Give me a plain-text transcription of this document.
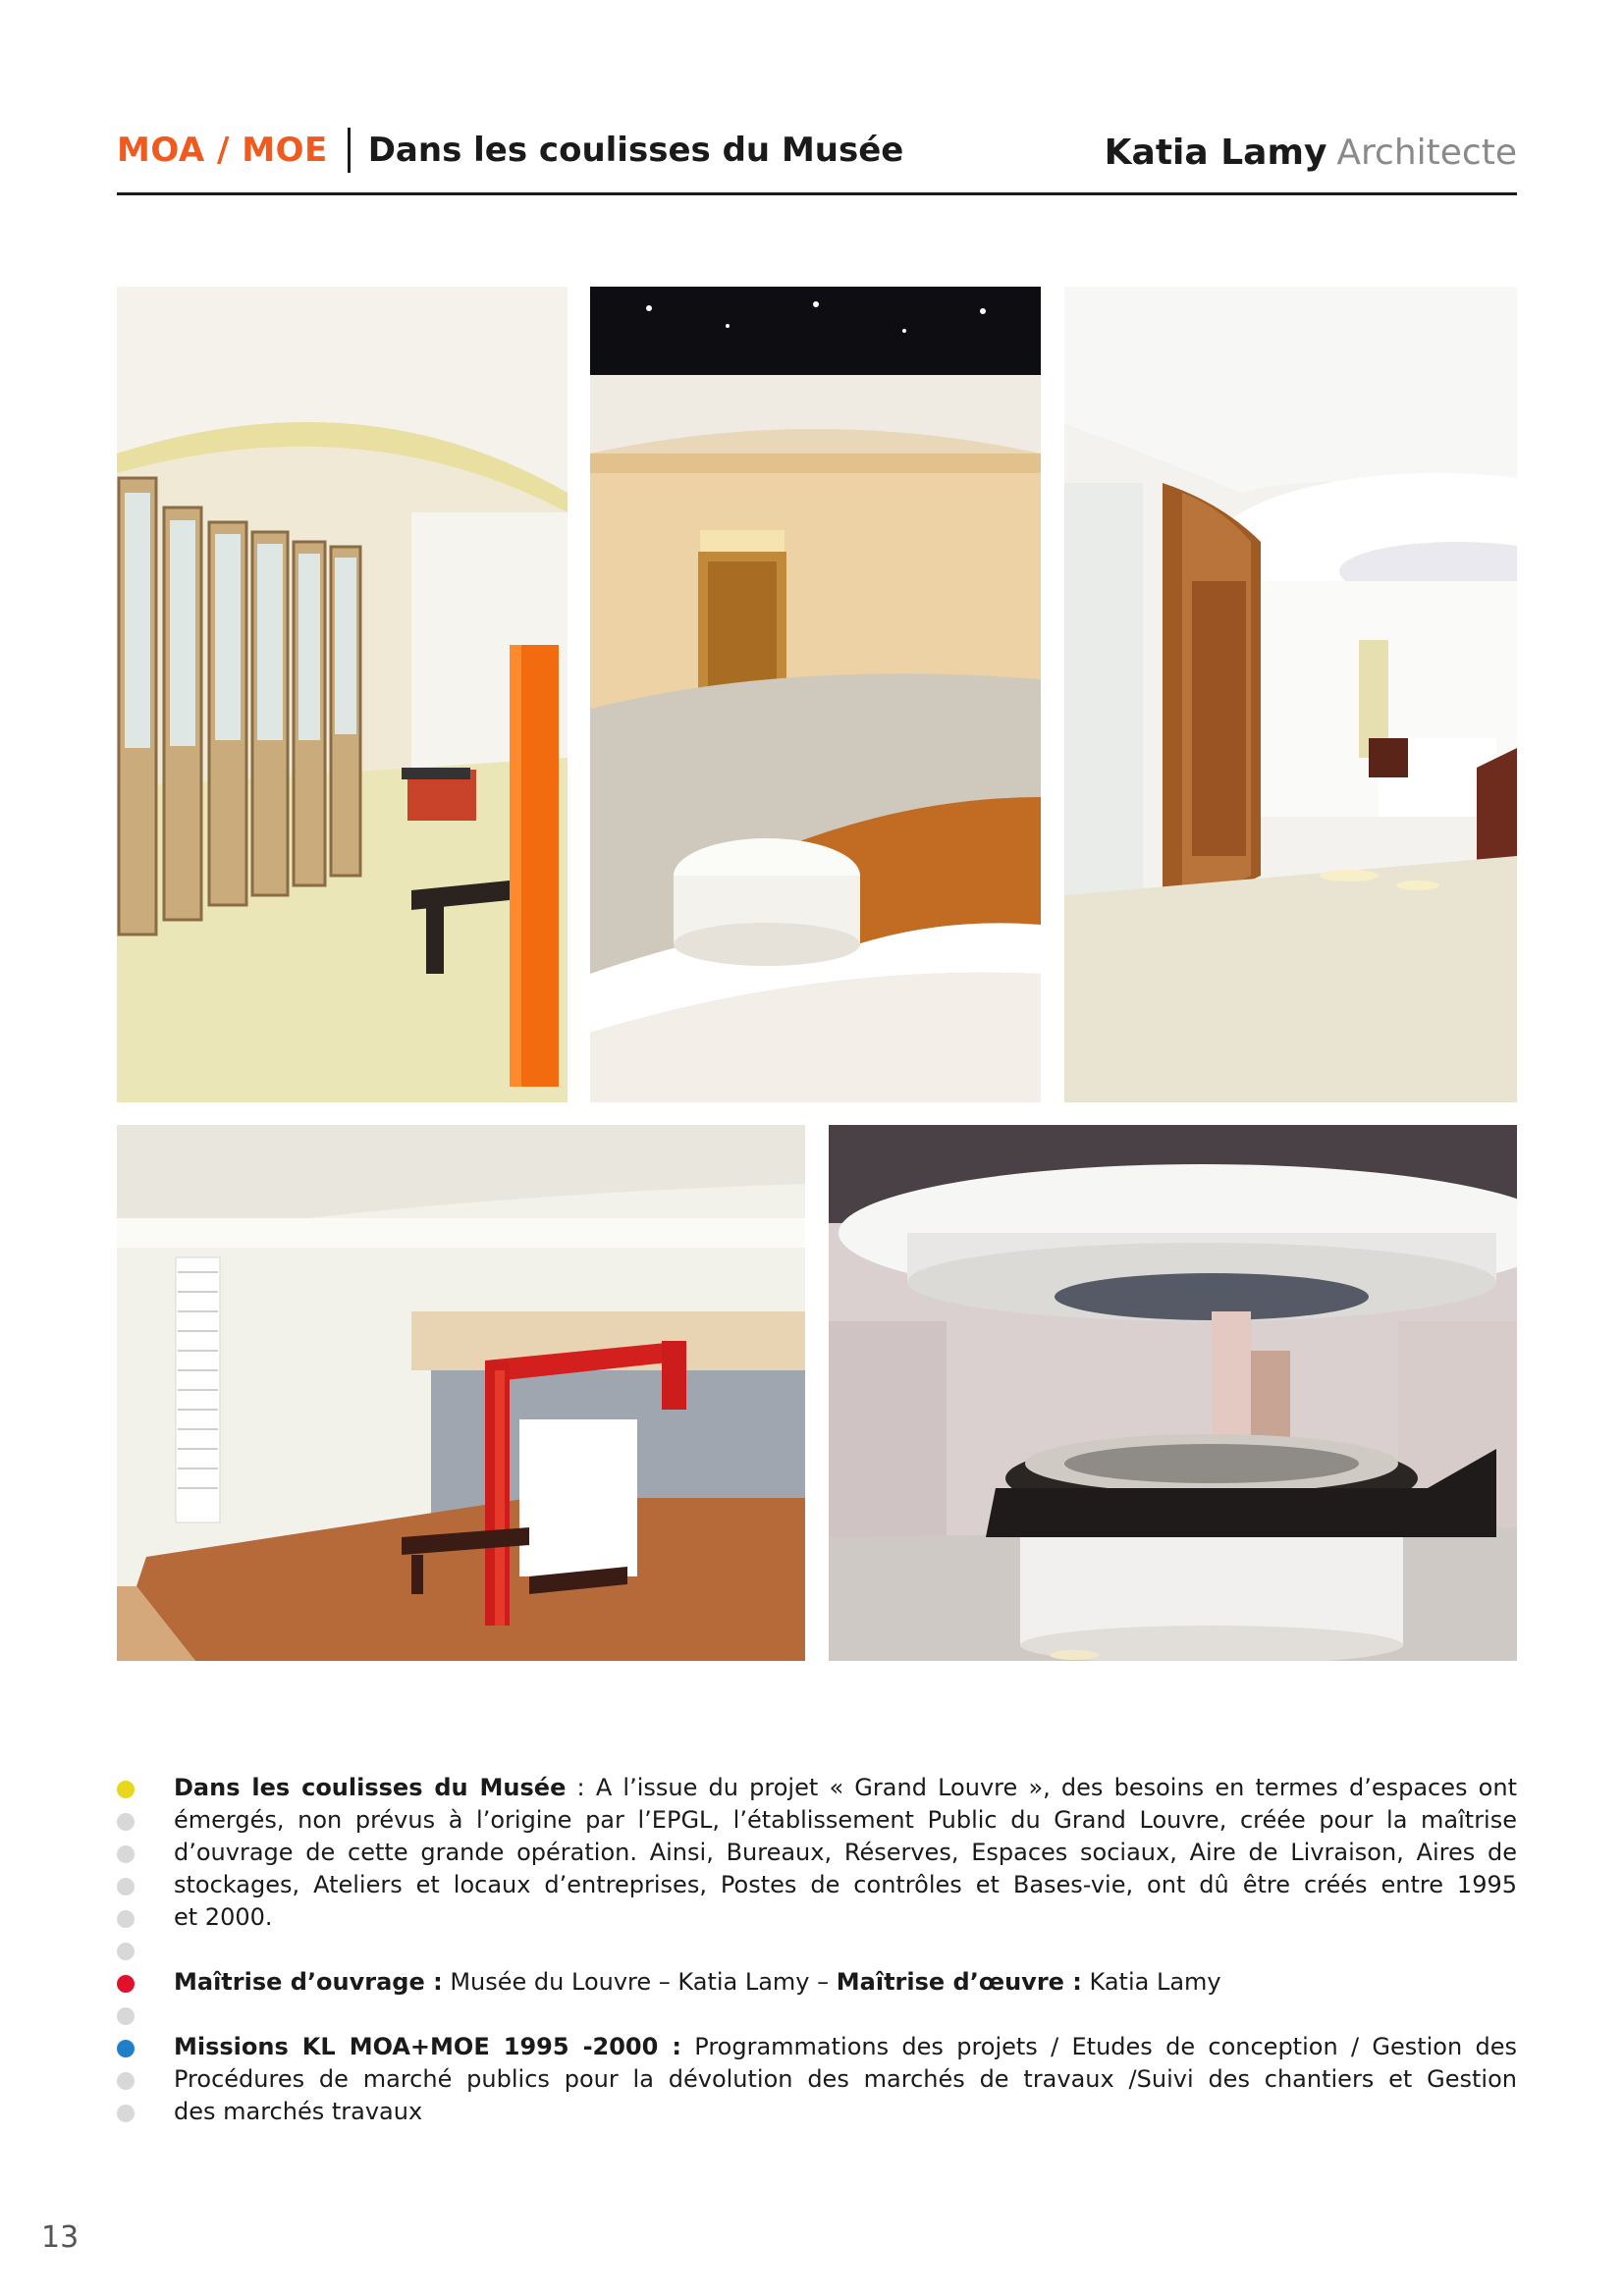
MOA / MOE Dans les coulisses du Musée	Katia Lamy Architecte
Dans les coulisses du Musée : A l’issue du projet « Grand Louvre », des besoins en termes d’espaces ont
émergés, non prévus à l’origine par l’EPGL, l’établissement Public du Grand Louvre, créée pour la maîtrise
d’ouvrage de cette grande opération. Ainsi, Bureaux, Réserves, Espaces sociaux, Aire de Livraison, Aires de
stockages, Ateliers et locaux d’entreprises, Postes de contrôles et Bases-vie, ont dû être créés entre 1995
et 2000.
Maîtrise d’ouvrage : Musée du Louvre – Katia Lamy – Maîtrise d’œuvre : Katia Lamy
Missions KL MOA+MOE 1995 -2000 : Programmations des projets / Etudes de conception / Gestion des
Procédures de marché publics pour la dévolution des marchés de travaux /Suivi des chantiers et Gestion
des marchés travaux
13
